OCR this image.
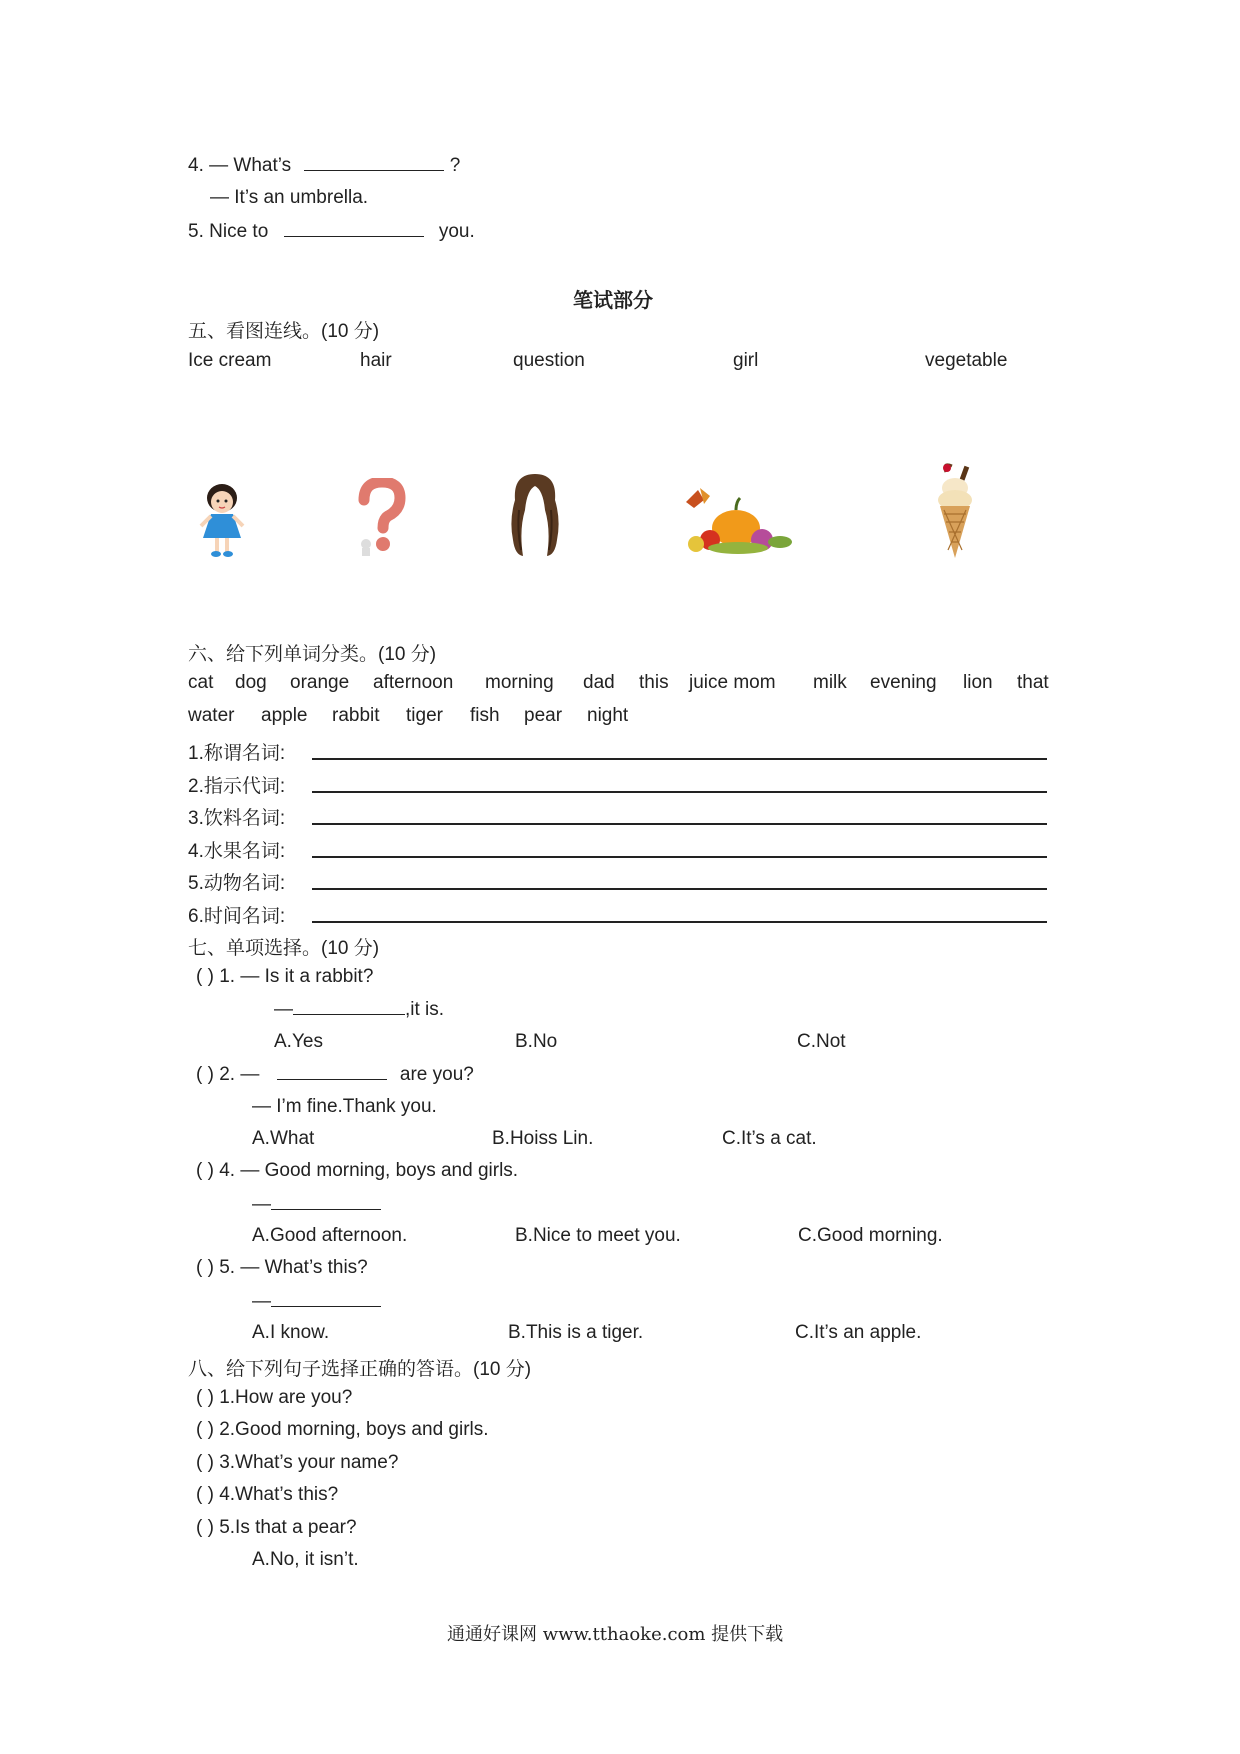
4. — What’s	?
— It’s an umbrella.
5. Nice to	you.
笔试部分
五、看图连线。(10 分)
Ice cream	hair	question	girl	vegetable
六、给下列单词分类。(10 分)
cat dog orange afternoon morning dad this juice mom milk evening lion that
water apple rabbit tiger fish pear night
1.称谓名词:
2.指示代词:
3.饮料名词:
4.水果名词:
5.动物名词:
6.时间名词:
七、单项选择。(10 分)
( ) 1. — Is it a rabbit?
—	,it is.
A.Yes	B.No	C.Not
( ) 2. —	are you?
— I’m fine.Thank you.
A.What	B.Hoiss Lin.	C.It’s a cat.
( ) 4. — Good morning, boys and girls.
—
A.Good afternoon.	B.Nice to meet you.	C.Good morning.
( ) 5. — What’s this?
—
A.I know.	B.This is a tiger.	C.It’s an apple.
八、给下列句子选择正确的答语。(10 分)
( ) 1.How are you?
( ) 2.Good morning, boys and girls.
( ) 3.What’s your name?
( ) 4.What’s this?
( ) 5.Is that a pear?
A.No, it isn’t.
通通好课网 www.tthaoke.com 提供下载
